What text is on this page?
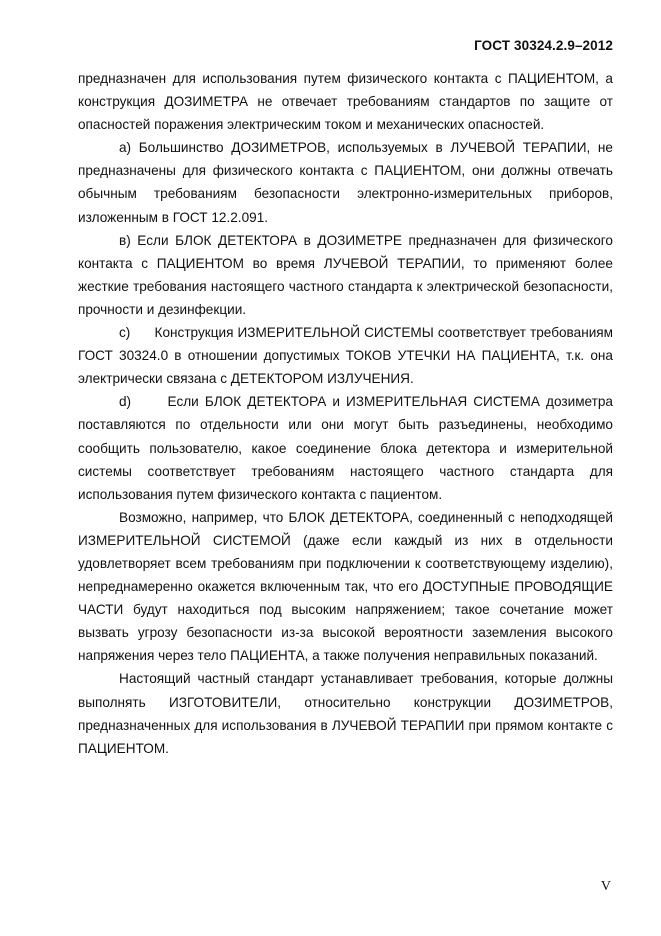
ГОСТ 30324.2.9–2012

предназначен для использования путем физического контакта с ПАЦИЕНТОМ, а конструкция ДОЗИМЕТРА не отвечает требованиям стандартов по защите от опасностей поражения электрическим током и механических опасностей.

а) Большинство ДОЗИМЕТРОВ, используемых в ЛУЧЕВОЙ ТЕРАПИИ, не предназначены для физического контакта с ПАЦИЕНТОМ, они должны отвечать обычным требованиям безопасности электронно-измерительных приборов, изложенным в ГОСТ 12.2.091.

в) Если БЛОК ДЕТЕКТОРА в ДОЗИМЕТРЕ предназначен для физического контакта с ПАЦИЕНТОМ во время ЛУЧЕВОЙ ТЕРАПИИ, то применяют более жесткие требования настоящего частного стандарта к электрической безопасности, прочности и дезинфекции.

с)      Конструкция ИЗМЕРИТЕЛЬНОЙ СИСТЕМЫ соответствует требованиям ГОСТ 30324.0 в отношении допустимых ТОКОВ УТЕЧКИ НА ПАЦИЕНТА, т.к. она электрически связана с ДЕТЕКТОРОМ ИЗЛУЧЕНИЯ.

d)      Если БЛОК ДЕТЕКТОРА и ИЗМЕРИТЕЛЬНАЯ СИСТЕМА дозиметра поставляются по отдельности или они могут быть разъединены, необходимо сообщить пользователю, какое соединение блока детектора и измерительной системы соответствует требованиям настоящего частного стандарта для использования путем физического контакта с пациентом.

Возможно, например, что БЛОК ДЕТЕКТОРА, соединенный с неподходящей ИЗМЕРИТЕЛЬНОЙ СИСТЕМОЙ (даже если каждый из них в отдельности удовлетворяет всем требованиям при подключении к соответствующему изделию), непреднамеренно окажется включенным так, что его ДОСТУПНЫЕ ПРОВОДЯЩИЕ ЧАСТИ будут находиться под высоким напряжением; такое сочетание может вызвать угрозу безопасности из-за высокой вероятности заземления высокого напряжения через тело ПАЦИЕНТА, а также получения неправильных показаний.

Настоящий частный стандарт устанавливает требования, которые должны выполнять ИЗГОТОВИТЕЛИ, относительно конструкции ДОЗИМЕТРОВ, предназначенных для использования в ЛУЧЕВОЙ ТЕРАПИИ при прямом контакте с ПАЦИЕНТОМ.

V
